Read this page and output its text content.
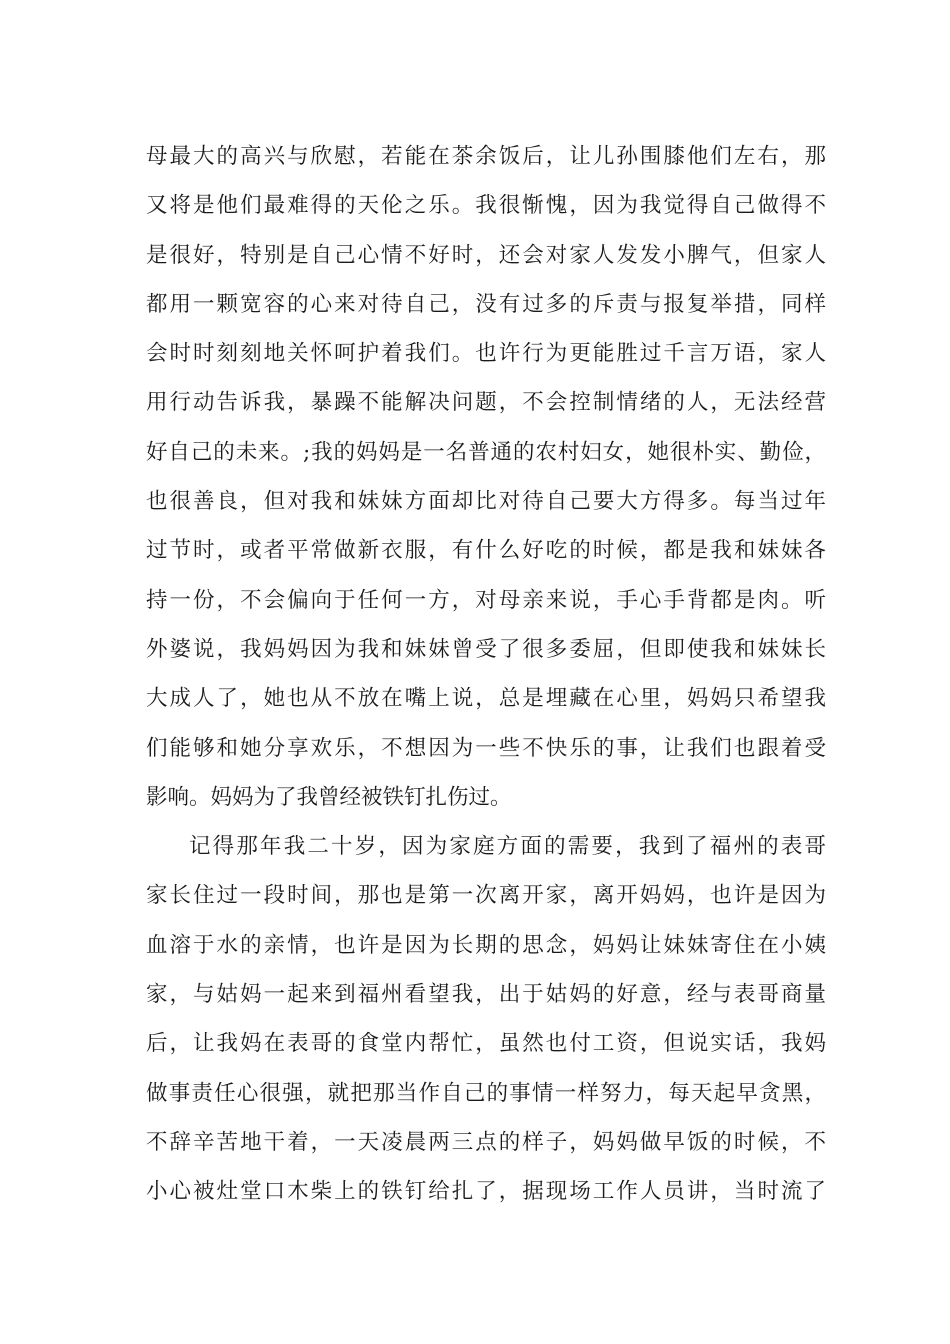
母最大的高兴与欣慰，若能在茶余饭后，让儿孙围膝他们左右，那
又将是他们最难得的天伦之乐。我很惭愧，因为我觉得自己做得不
是很好，特别是自己心情不好时，还会对家人发发小脾气，但家人
都用一颗宽容的心来对待自己，没有过多的斥责与报复举措，同样
会时时刻刻地关怀呵护着我们。也许行为更能胜过千言万语，家人
用行动告诉我，暴躁不能解决问题，不会控制情绪的人，无法经营
好自己的未来。;我的妈妈是一名普通的农村妇女，她很朴实、勤俭，
也很善良，但对我和妹妹方面却比对待自己要大方得多。每当过年
过节时，或者平常做新衣服，有什么好吃的时候，都是我和妹妹各
持一份，不会偏向于任何一方，对母亲来说，手心手背都是肉。听
外婆说，我妈妈因为我和妹妹曾受了很多委屈，但即使我和妹妹长
大成人了，她也从不放在嘴上说，总是埋藏在心里，妈妈只希望我
们能够和她分享欢乐，不想因为一些不快乐的事，让我们也跟着受
影响。妈妈为了我曾经被铁钉扎伤过。
记得那年我二十岁，因为家庭方面的需要，我到了福州的表哥
家长住过一段时间，那也是第一次离开家，离开妈妈，也许是因为
血溶于水的亲情，也许是因为长期的思念，妈妈让妹妹寄住在小姨
家，与姑妈一起来到福州看望我，出于姑妈的好意，经与表哥商量
后，让我妈在表哥的食堂内帮忙，虽然也付工资，但说实话，我妈
做事责任心很强，就把那当作自己的事情一样努力，每天起早贪黑，
不辞辛苦地干着，一天凌晨两三点的样子，妈妈做早饭的时候，不
小心被灶堂口木柴上的铁钉给扎了，据现场工作人员讲，当时流了
